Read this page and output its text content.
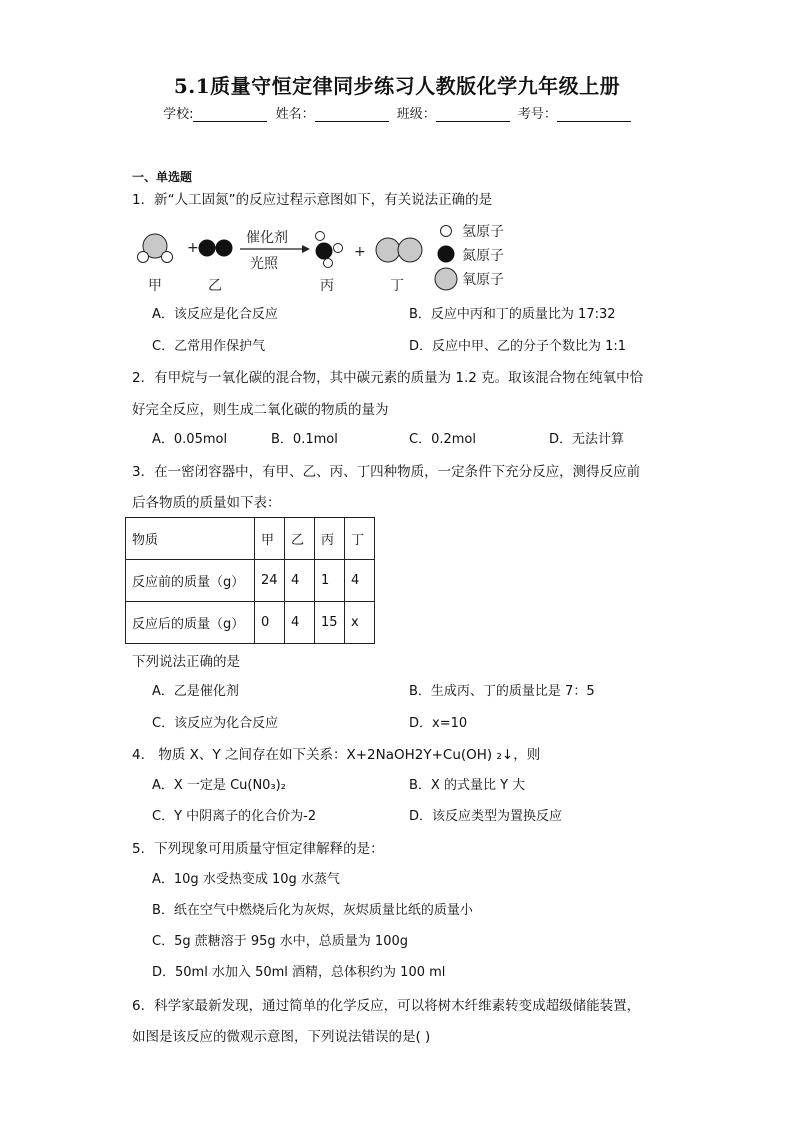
5.1质量守恒定律同步练习人教版化学九年级上册
学校:	姓名：	班级：	考号：
一、单选题
1．新“人工固氮”的反应过程示意图如下，有关说法正确的是
+
催化剂
光照
+
甲	乙	丙	丁
氢原子
氮原子
氧原子
A．该反应是化合反应	B．反应中丙和丁的质量比为 17:32
C．乙常用作保护气	D．反应中甲、乙的分子个数比为 1:1
2．有甲烷与一氧化碳的混合物，其中碳元素的质量为 1.2 克。取该混合物在纯氧中恰
好完全反应，则生成二氧化碳的物质的量为
A．0.05mol	B．0.1mol	C．0.2mol	D．无法计算
3．在一密闭容器中，有甲、乙、丙、丁四种物质，一定条件下充分反应，测得反应前
后各物质的质量如下表：
物质	甲	乙	丙	丁
反应前的质量（g）	24	4	1	4
反应后的质量（g）	0	4	15	x
下列说法正确的是
A．乙是催化剂	B．生成丙、丁的质量比是 7：5
C．该反应为化合反应	D．x=10
4． 物质 X、Y 之间存在如下关系：X+2NaOH2Y+Cu(OH) ₂↓，则
A．X 一定是 Cu(N0₃)₂	B．X 的式量比 Y 大
C．Y 中阴离子的化合价为-2	D．该反应类型为置换反应
5．下列现象可用质量守恒定律解释的是：
A．10g 水受热变成 10g 水蒸气
B．纸在空气中燃烧后化为灰烬，灰烬质量比纸的质量小
C．5g 蔗糖溶于 95g 水中，总质量为 100g
D．50ml 水加入 50ml 酒精，总体积约为 100 ml
6．科学家最新发现，通过简单的化学反应，可以将树木纤维素转变成超级储能装置，
如图是该反应的微观示意图，下列说法错误的是( )
